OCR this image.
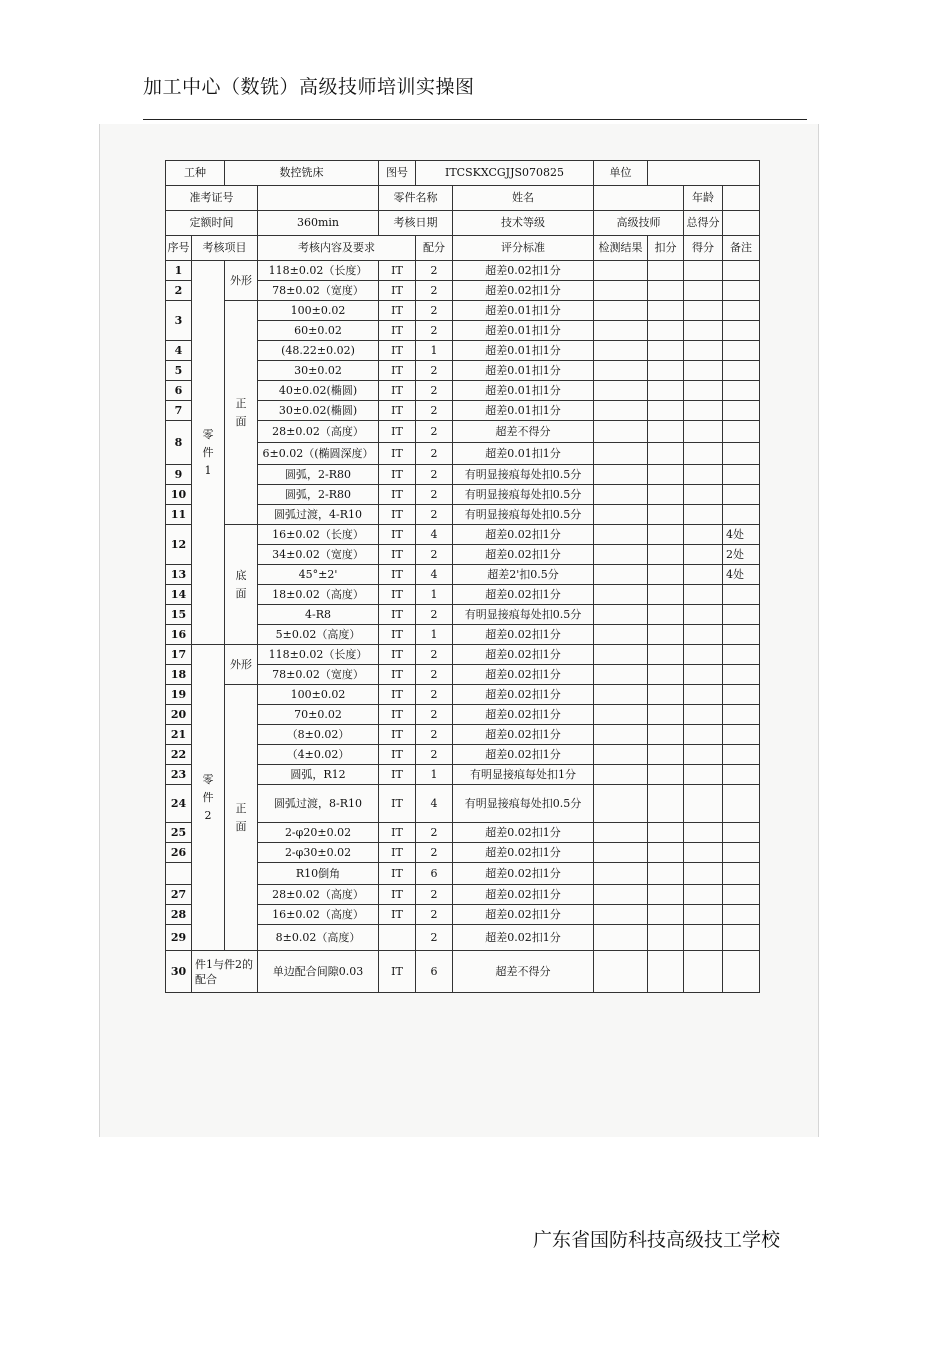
加工中心（数铣）高级技师培训实操图
工种		数控铣床		图号	ITCSKXCGJJS070825		单位			
准考证号				零件名称		姓名			年龄	
定额时间			360min	考核日期		技术等级	高级技师		总得分	
序号	考核项目		考核内容及要求		配分	评分标准	检测结果	扣分	得分	备注
1	零件1	外形	118±0.02（长度）	IT	2	超差0.02扣1分				
2			78±0.02（宽度）	IT	2	超差0.02扣1分				
3		正面	100±0.02	IT	2	超差0.01扣1分				
			60±0.02	IT	2	超差0.01扣1分				
4			(48.22±0.02)	IT	1	超差0.01扣1分				
5			30±0.02	IT	2	超差0.01扣1分				
6			40±0.02(椭圆)	IT	2	超差0.01扣1分				
7			30±0.02(椭圆)	IT	2	超差0.01扣1分				
8			28±0.02（高度）	IT	2	超差不得分				
			6±0.02（(椭圆深度）	IT	2	超差0.01扣1分				
9			圆弧，2-R80	IT	2	有明显接痕每处扣0.5分				
10			圆弧，2-R80	IT	2	有明显接痕每处扣0.5分				
11			圆弧过渡，4-R10	IT	2	有明显接痕每处扣0.5分				
12		底面	16±0.02（长度）	IT	4	超差0.02扣1分				4处
			34±0.02（宽度）	IT	2	超差0.02扣1分				2处
13			45°±2'	IT	4	超差2'扣0.5分				4处
14			18±0.02（高度）	IT	1	超差0.02扣1分				
15			4-R8	IT	2	有明显接痕每处扣0.5分				
16			5±0.02（高度）	IT	1	超差0.02扣1分				
17	零件2	外形	118±0.02（长度）	IT	2	超差0.02扣1分				
18			78±0.02（宽度）	IT	2	超差0.02扣1分				
19		正面	100±0.02	IT	2	超差0.02扣1分				
20			70±0.02	IT	2	超差0.02扣1分				
21			（8±0.02）	IT	2	超差0.02扣1分				
22			（4±0.02）	IT	2	超差0.02扣1分				
23			圆弧，R12	IT	1	有明显接痕每处扣1分				
24			圆弧过渡，8-R10	IT	4	有明显接痕每处扣0.5分				
25			2-φ20±0.02	IT	2	超差0.02扣1分				
26			2-φ30±0.02	IT	2	超差0.02扣1分				
			R10倒角	IT	6	超差0.02扣1分				
27			28±0.02（高度）	IT	2	超差0.02扣1分				
28			16±0.02（高度）	IT	2	超差0.02扣1分				
29			8±0.02（高度）		2	超差0.02扣1分				
30	件1与件2的配合		单边配合间隙0.03	IT	6	超差不得分				
广东省国防科技高级技工学校
